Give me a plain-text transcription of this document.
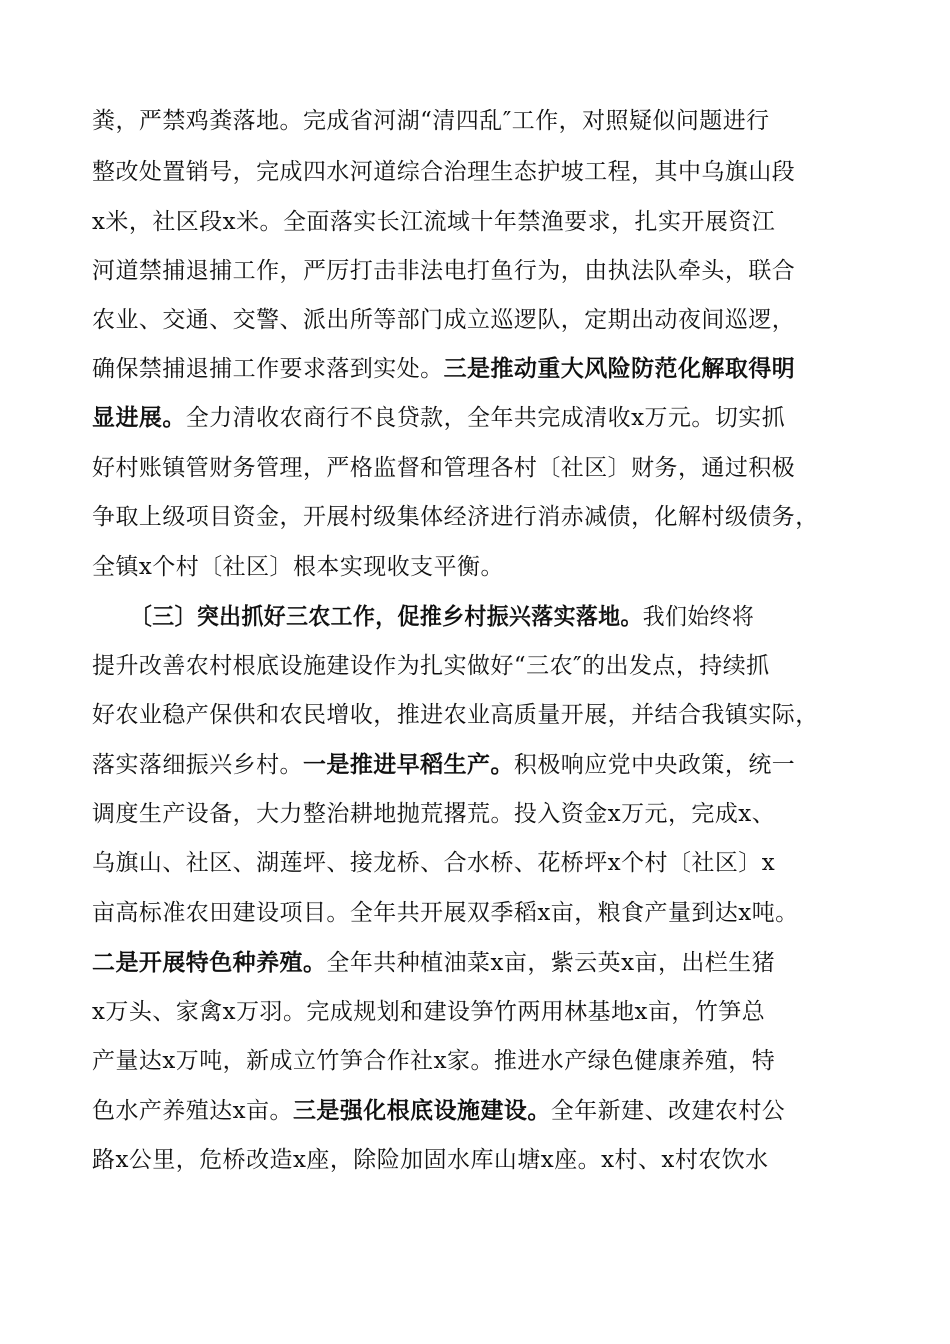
粪，严禁鸡粪落地。完成省河湖“清四乱″工作，对照疑似问题进行
整改处置销号，完成四水河道综合治理生态护坡工程，其中乌旗山段
x米，社区段x米。全面落实长江流域十年禁渔要求，扎实开展资江
河道禁捕退捕工作，严厉打击非法电打鱼行为，由执法队牵头，联合
农业、交通、交警、派出所等部门成立巡逻队，定期出动夜间巡逻，
确保禁捕退捕工作要求落到实处。三是推动重大风险防范化解取得明
显进展。全力清收农商行不良贷款，全年共完成清收x万元。切实抓
好村账镇管财务管理，严格监督和管理各村〔社区〕财务，通过积极
争取上级项目资金，开展村级集体经济进行消赤减债，化解村级债务，
全镇x个村〔社区〕根本实现收支平衡。
〔三〕突出抓好三农工作，促推乡村振兴落实落地。我们始终将
提升改善农村根底设施建设作为扎实做好“三农″的出发点，持续抓
好农业稳产保供和农民增收，推进农业高质量开展，并结合我镇实际，
落实落细振兴乡村。一是推进早稻生产。积极响应党中央政策，统一
调度生产设备，大力整治耕地抛荒撂荒。投入资金x万元，完成x、
乌旗山、社区、湖莲坪、接龙桥、合水桥、花桥坪x个村〔社区〕x
亩高标准农田建设项目。全年共开展双季稻x亩，粮食产量到达x吨。
二是开展特色种养殖。全年共种植油菜x亩，紫云英x亩，出栏生猪
x万头、家禽x万羽。完成规划和建设笋竹两用林基地x亩，竹笋总
产量达x万吨，新成立竹笋合作社x家。推进水产绿色健康养殖，特
色水产养殖达x亩。三是强化根底设施建设。全年新建、改建农村公
路x公里，危桥改造x座，除险加固水库山塘x座。x村、x村农饮水
